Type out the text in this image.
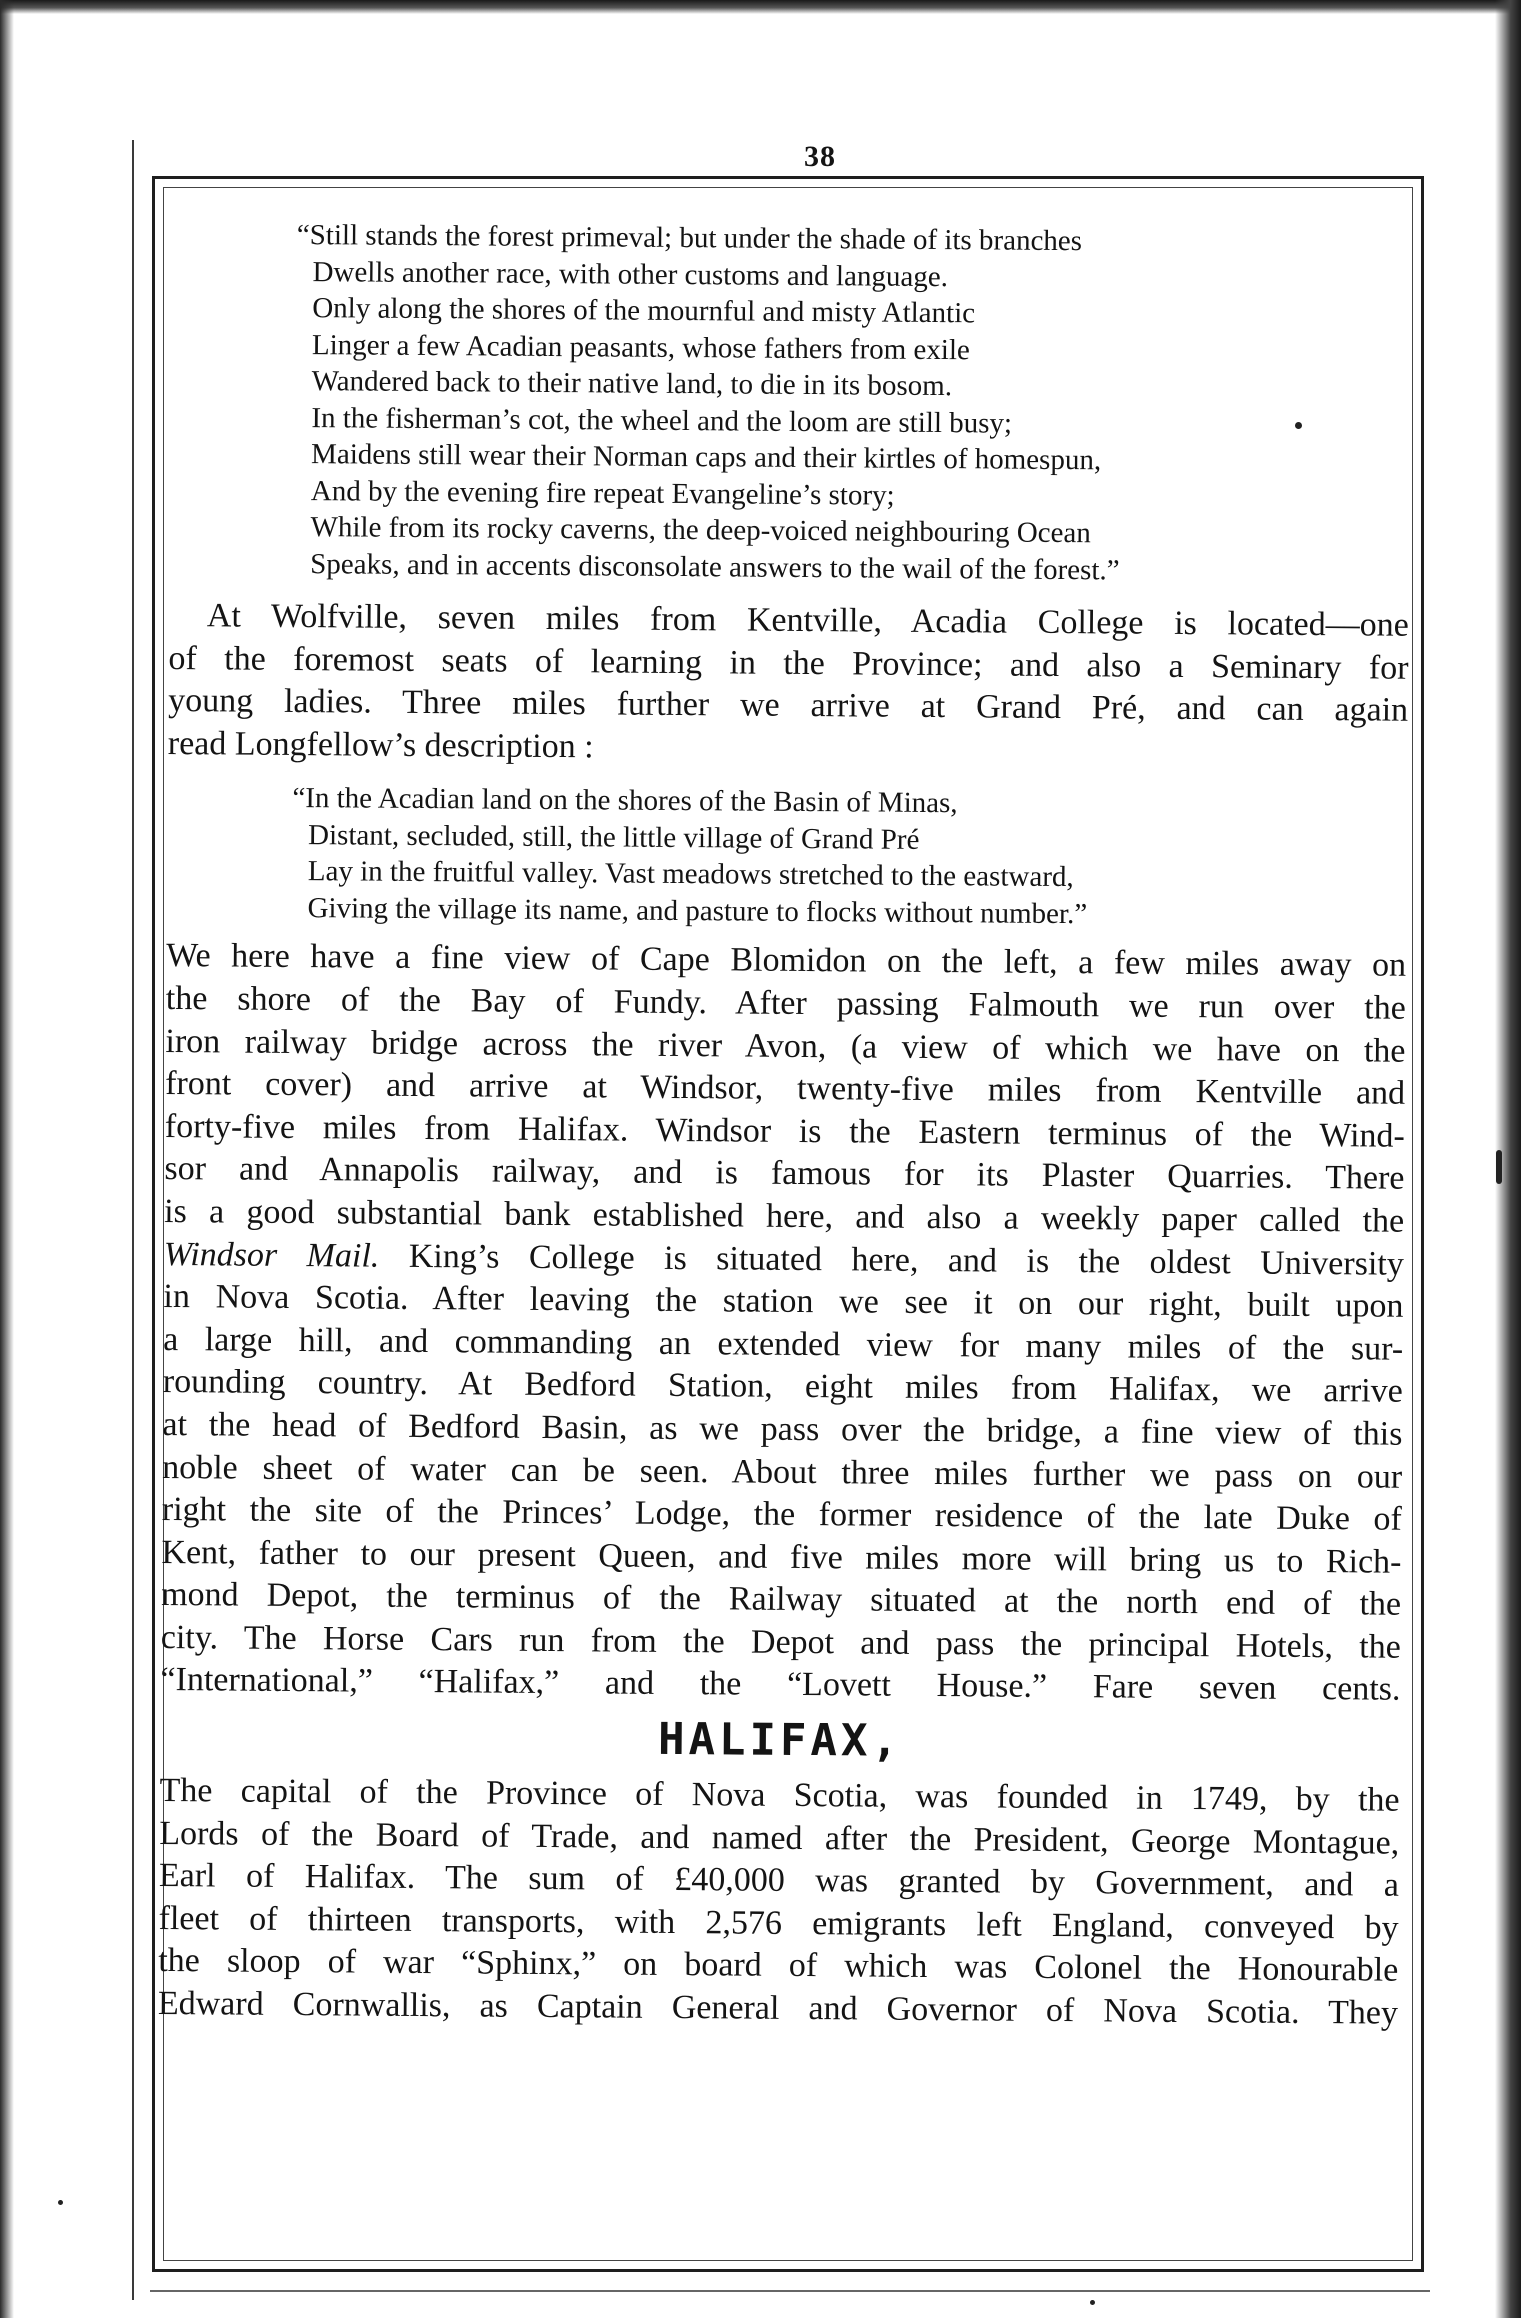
38
“Still stands the forest primeval; but under the shade of its branches
Dwells another race, with other customs and language.
Only along the shores of the mournful and misty Atlantic
Linger a few Acadian peasants, whose fathers from exile
Wandered back to their native land, to die in its bosom.
In the fisherman’s cot, the wheel and the loom are still busy;
Maidens still wear their Norman caps and their kirtles of homespun,
And by the evening fire repeat Evangeline’s story;
While from its rocky caverns, the deep-voiced neighbouring Ocean
Speaks, and in accents disconsolate answers to the wail of the forest.”
At Wolfville, seven miles from Kentville, Acadia College is located—one
of the foremost seats of learning in the Province; and also a Seminary for
young ladies. Three miles further we arrive at Grand Pré, and can again
read Longfellow’s description :
“In the Acadian land on the shores of the Basin of Minas,
Distant, secluded, still, the little village of Grand Pré
Lay in the fruitful valley. Vast meadows stretched to the eastward,
Giving the village its name, and pasture to flocks without number.”
We here have a fine view of Cape Blomidon on the left, a few miles away on
the shore of the Bay of Fundy. After passing Falmouth we run over the
iron railway bridge across the river Avon, (a view of which we have on the
front cover) and arrive at Windsor, twenty-five miles from Kentville and
forty-five miles from Halifax. Windsor is the Eastern terminus of the Wind-
sor and Annapolis railway, and is famous for its Plaster Quarries. There
is a good substantial bank established here, and also a weekly paper called the
Windsor Mail. King’s College is situated here, and is the oldest University
in Nova Scotia. After leaving the station we see it on our right, built upon
a large hill, and commanding an extended view for many miles of the sur-
rounding country. At Bedford Station, eight miles from Halifax, we arrive
at the head of Bedford Basin, as we pass over the bridge, a fine view of this
noble sheet of water can be seen. About three miles further we pass on our
right the site of the Princes’ Lodge, the former residence of the late Duke of
Kent, father to our present Queen, and five miles more will bring us to Rich-
mond Depot, the terminus of the Railway situated at the north end of the
city. The Horse Cars run from the Depot and pass the principal Hotels, the
“International,” “Halifax,” and the “Lovett House.” Fare seven cents.
HALIFAX,
The capital of the Province of Nova Scotia, was founded in 1749, by the
Lords of the Board of Trade, and named after the President, George Montague,
Earl of Halifax. The sum of £40,000 was granted by Government, and a
fleet of thirteen transports, with 2,576 emigrants left England, conveyed by
the sloop of war “Sphinx,” on board of which was Colonel the Honourable
Edward Cornwallis, as Captain General and Governor of Nova Scotia. They
